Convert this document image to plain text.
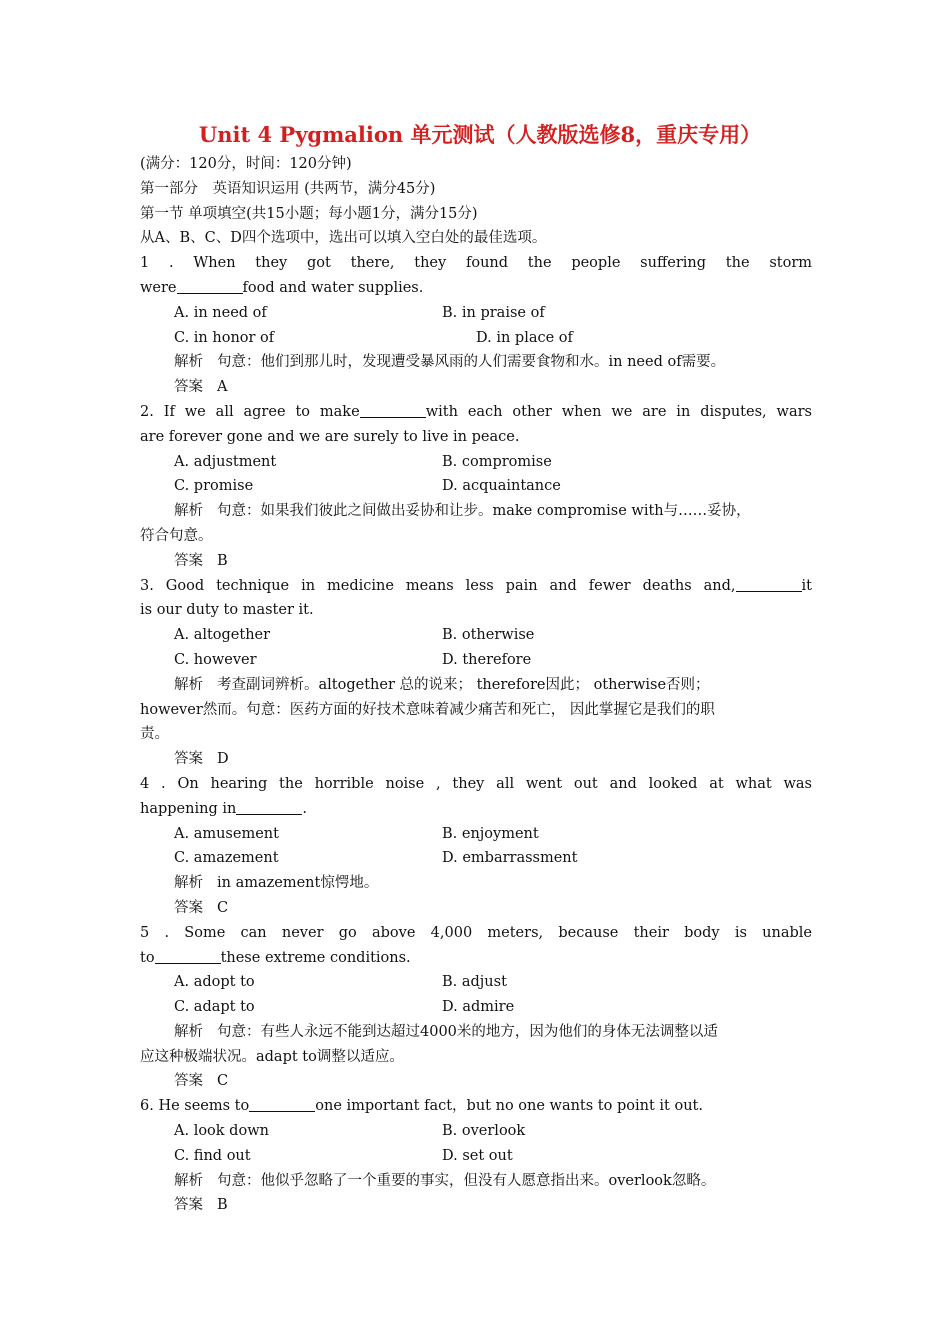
Unit 4 Pygmalion 单元测试（人教版选修8，重庆专用）
(满分：120分，时间：120分钟)
第一部分　英语知识运用 (共两节，满分45分)
第一节 单项填空(共15小题；每小题1分，满分15分)
从A、B、C、D四个选项中，选出可以填入空白处的最佳选项。
1 . When they got there, they found the people suffering the storm
were	food and water supplies.
A. in need of	B. in praise of
C. in honor of	D. in place of
解析 句意：他们到那儿时，发现遭受暴风雨的人们需要食物和水。in need of需要。
答案 A
2. If we all agree to make	with each other when we are in disputes, wars
are forever gone and we are surely to live in peace.
A. adjustment	B. compromise
C. promise	D. acquaintance
解析 句意：如果我们彼此之间做出妥协和让步。make compromise with与……妥协，
符合句意。
答案 B
3. Good technique in medicine means less pain and fewer deaths and,	it
is our duty to master it.
A. altogether	B. otherwise
C. however	D. therefore
解析 考查副词辨析。altogether 总的说来； therefore因此； otherwise否则；
however然而。句意：医药方面的好技术意味着减少痛苦和死亡， 因此掌握它是我们的职
责。
答案 D
4 . On hearing the horrible noise , they all went out and looked at what was
happening in	.
A. amusement	B. enjoyment
C. amazement	D. embarrassment
解析 in amazement惊愕地。
答案 C
5 . Some can never go above 4,000 meters, because their body is unable
to	these extreme conditions.
A. adopt to	B. adjust
C. adapt to	D. admire
解析 句意：有些人永远不能到达超过4000米的地方，因为他们的身体无法调整以适
应这种极端状况。adapt to调整以适应。
答案 C
6. He seems to	one important fact，but no one wants to point it out.
A. look down	B. overlook
C. find out	D. set out
解析 句意：他似乎忽略了一个重要的事实，但没有人愿意指出来。overlook忽略。
答案 B
